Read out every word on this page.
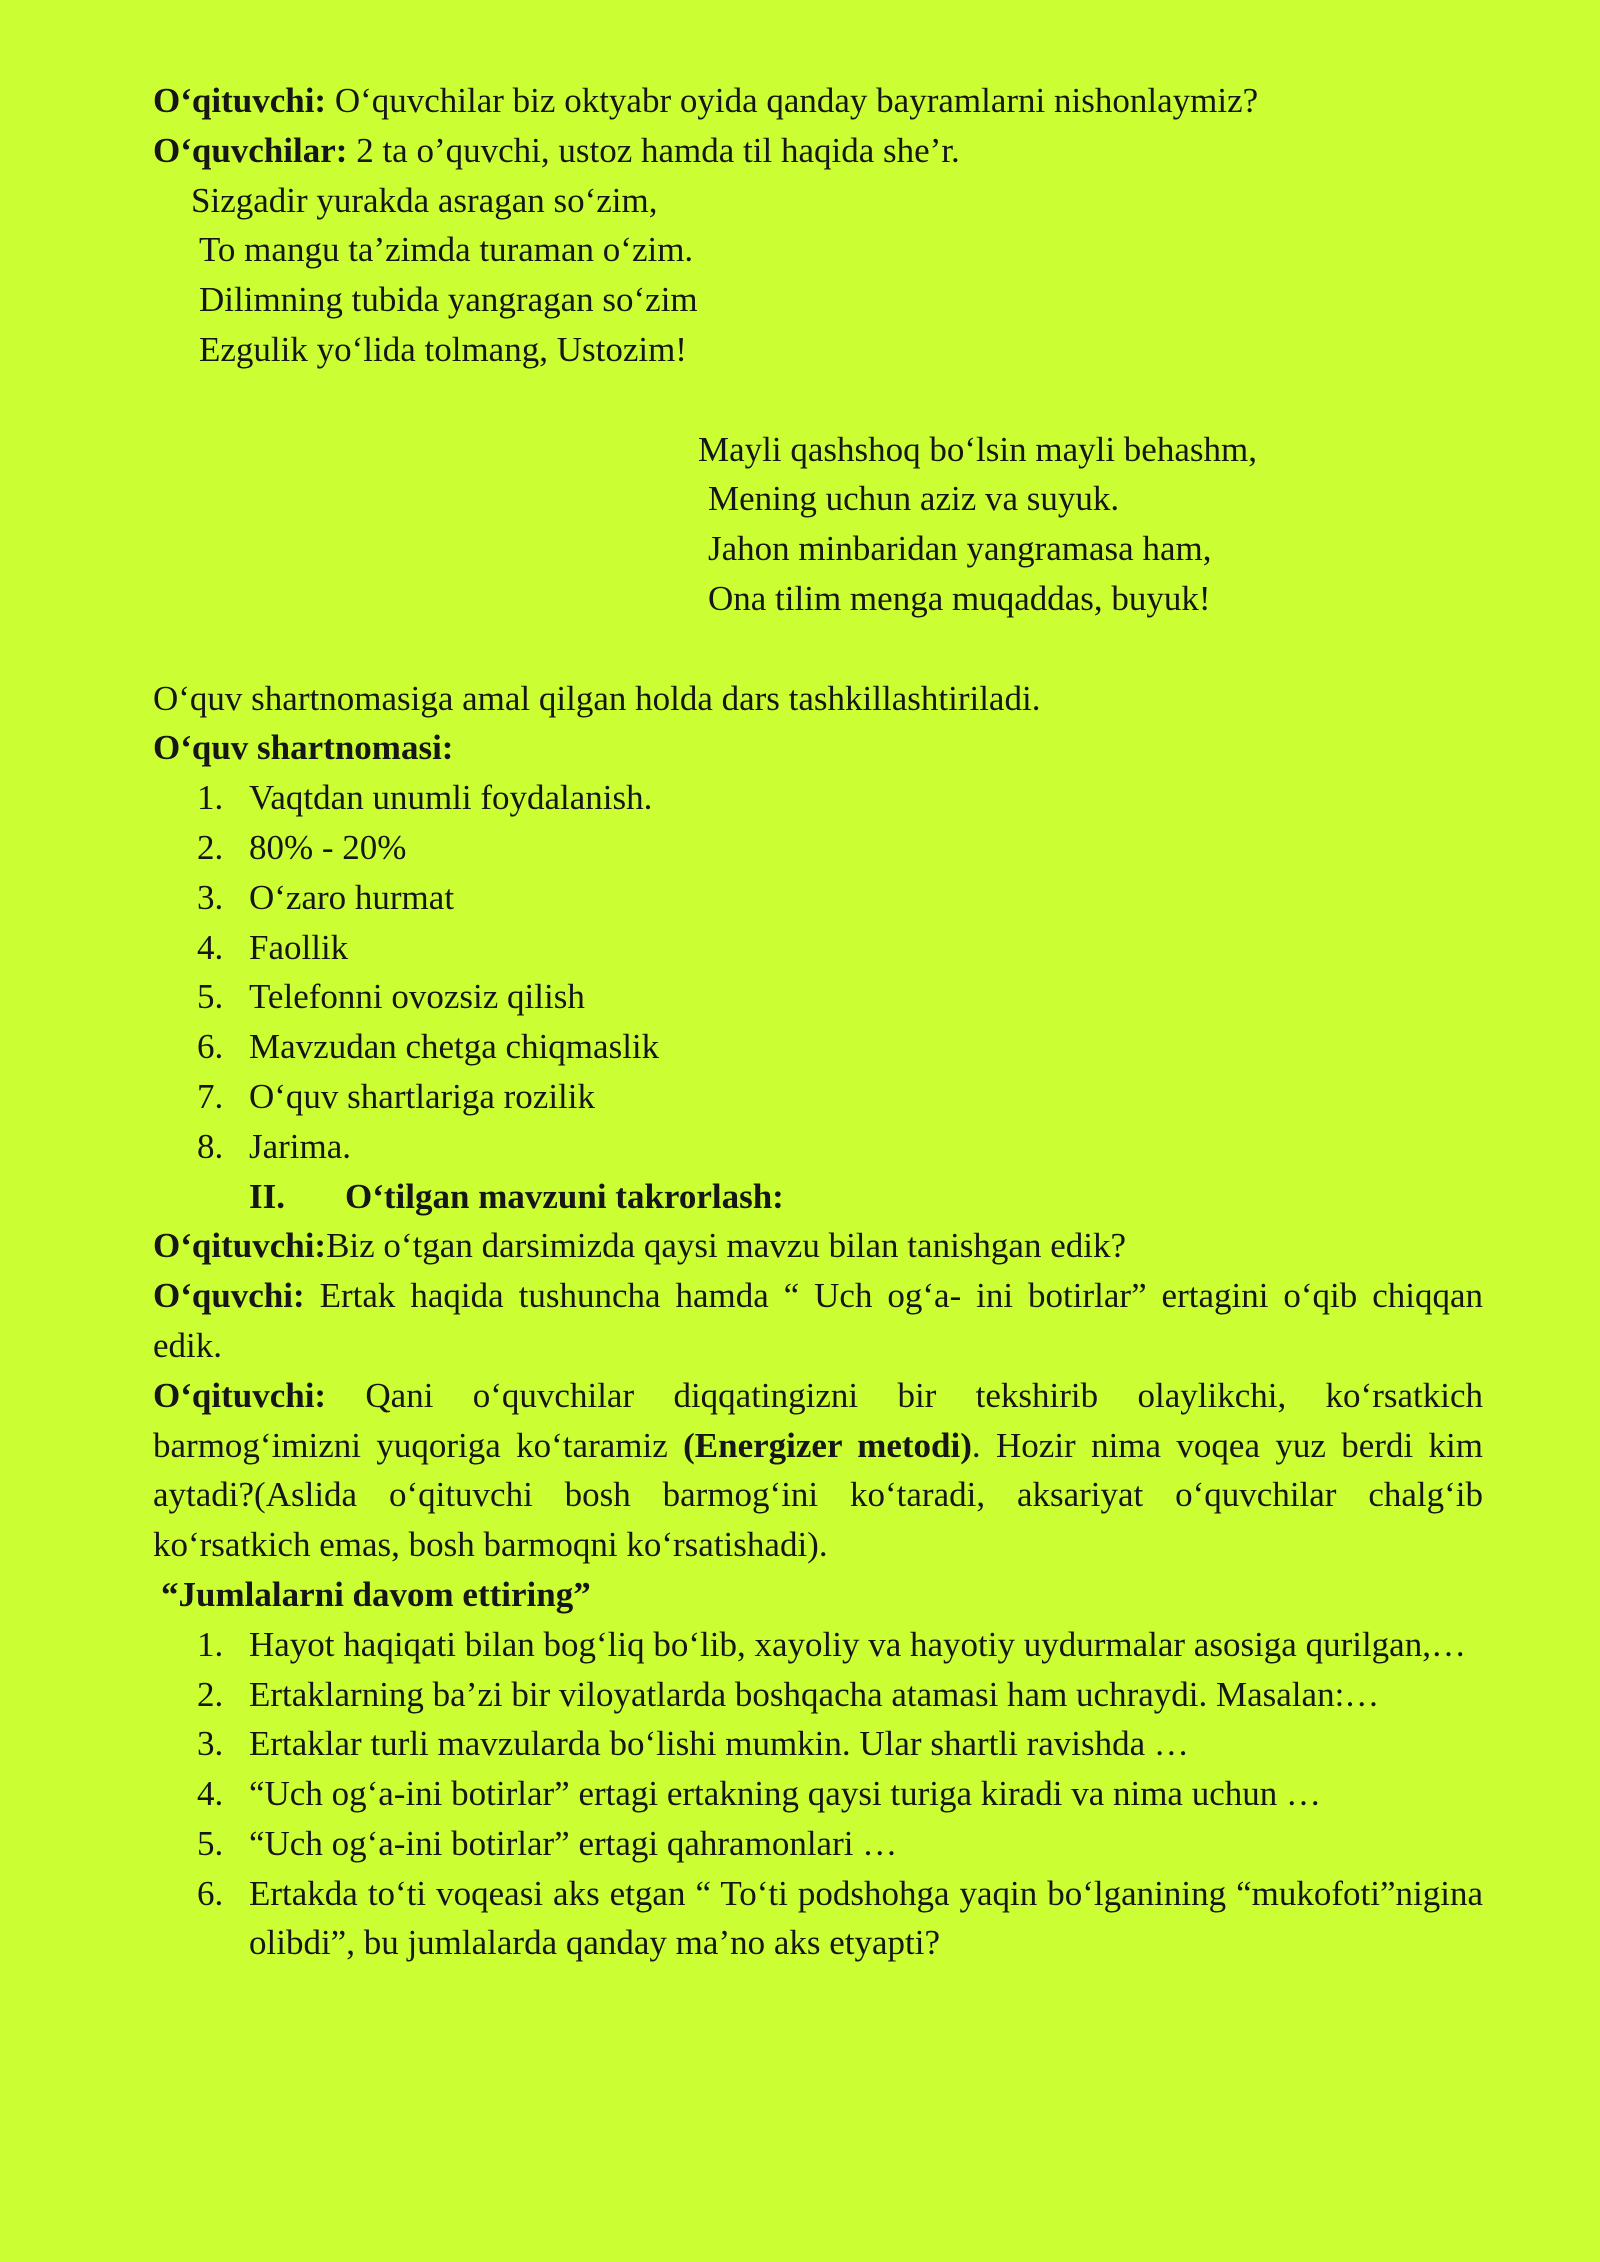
O‘qituvchi: O‘quvchilar biz oktyabr oyida qanday bayramlarni nishonlaymiz?

O‘quvchilar: 2 ta o’quvchi, ustoz hamda til haqida she’r.

Sizgadir yurakda asragan so‘zim,

To mangu ta’zimda turaman o‘zim.

Dilimning tubida yangragan so‘zim

Ezgulik yo‘lida tolmang, Ustozim!

Mayli qashshoq bo‘lsin mayli behashm,

Mening uchun aziz va suyuk.

Jahon minbaridan yangramasa ham,

Ona tilim menga muqaddas, buyuk!

O‘quv shartnomasiga amal qilgan holda dars tashkillashtiriladi.

O‘quv shartnomasi:

1. Vaqtdan unumli foydalanish.
2. 80% - 20%
3. O‘zaro hurmat
4. Faollik
5. Telefonni ovozsiz qilish
6. Mavzudan chetga chiqmaslik
7. O‘quv shartlariga rozilik
8. Jarima.

II. O‘tilgan mavzuni takrorlash:

O‘qituvchi:Biz o‘tgan darsimizda qaysi mavzu bilan tanishgan edik?

O‘quvchi: Ertak haqida tushuncha hamda “ Uch og‘a- ini botirlar” ertagini o‘qib chiqqan edik.

O‘qituvchi: Qani o‘quvchilar diqqatingizni bir tekshirib olaylikchi, ko‘rsatkich barmog‘imizni yuqoriga ko‘taramiz (Energizer metodi). Hozir nima voqea yuz berdi kim aytadi?(Aslida o‘qituvchi bosh barmog‘ini ko‘taradi, aksariyat o‘quvchilar chalg‘ib ko‘rsatkich emas, bosh barmoqni ko‘rsatishadi).

“Jumlalarni davom ettiring”

1. Hayot haqiqati bilan bog‘liq bo‘lib, xayoliy va hayotiy uydurmalar asosiga qurilgan,…
2. Ertaklarning ba’zi bir viloyatlarda boshqacha atamasi ham uchraydi. Masalan:…
3. Ertaklar turli mavzularda bo‘lishi mumkin. Ular shartli ravishda …
4. “Uch og‘a-ini botirlar” ertagi ertakning qaysi turiga kiradi va nima uchun …
5. “Uch og‘a-ini botirlar” ertagi qahramonlari …
6. Ertakda to‘ti voqeasi aks etgan “ To‘ti podshohga yaqin bo‘lganining “mukofoti”nigina olibdi”, bu jumlalarda qanday ma’no aks etyapti?
